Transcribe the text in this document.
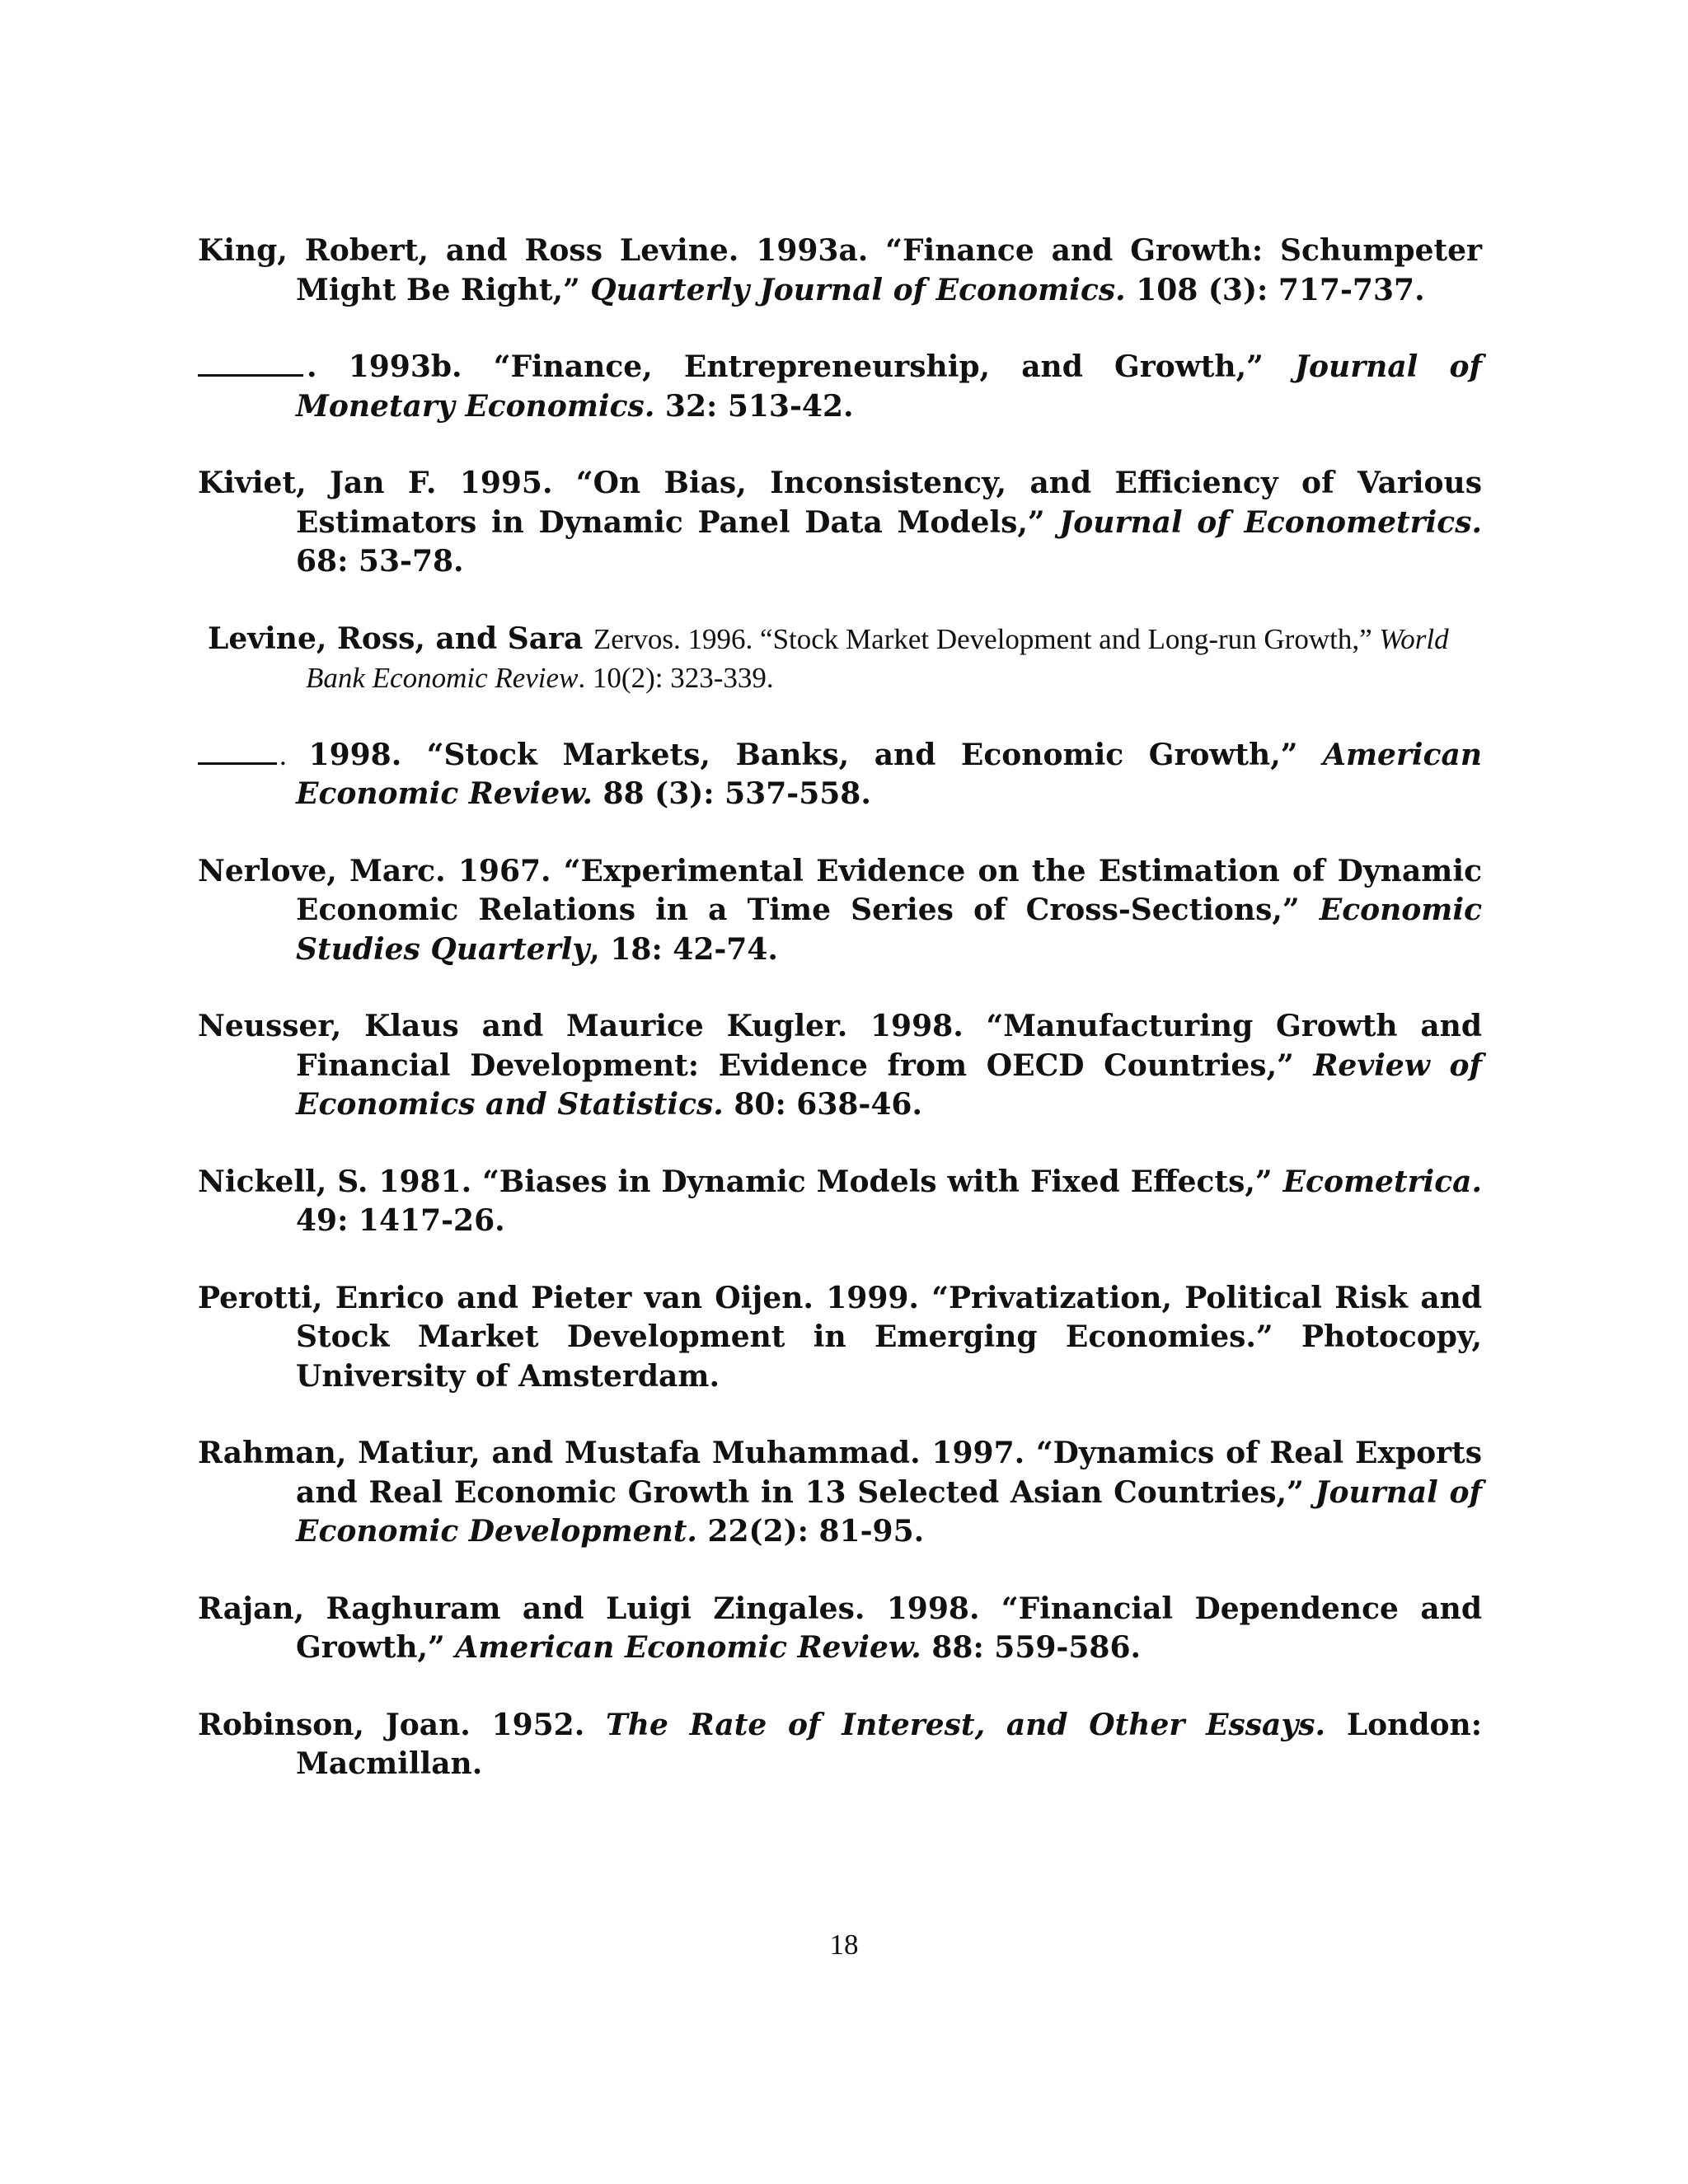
King, Robert, and Ross Levine. 1993a. “Finance and Growth: Schumpeter Might Be Right,” Quarterly Journal of Economics. 108 (3): 717-737.

. 1993b. “Finance, Entrepreneurship, and Growth,” Journal of Monetary Economics. 32: 513-42.

Kiviet, Jan F. 1995. “On Bias, Inconsistency, and Efficiency of Various Estimators in Dynamic Panel Data Models,” Journal of Econometrics. 68: 53-78.

Levine, Ross, and Sara Zervos. 1996. “Stock Market Development and Long-run Growth,” World Bank Economic Review. 10(2): 323-339.

. 1998. “Stock Markets, Banks, and Economic Growth,” American Economic Review. 88 (3): 537-558.

Nerlove, Marc. 1967. “Experimental Evidence on the Estimation of Dynamic Economic Relations in a Time Series of Cross-Sections,” Economic Studies Quarterly, 18: 42-74.

Neusser, Klaus and Maurice Kugler. 1998. “Manufacturing Growth and Financial Development: Evidence from OECD Countries,” Review of Economics and Statistics. 80: 638-46.

Nickell, S. 1981. “Biases in Dynamic Models with Fixed Effects,” Ecometrica. 49: 1417-26.

Perotti, Enrico and Pieter van Oijen. 1999. “Privatization, Political Risk and Stock Market Development in Emerging Economies.” Photocopy, University of Amsterdam.

Rahman, Matiur, and Mustafa Muhammad. 1997. “Dynamics of Real Exports and Real Economic Growth in 13 Selected Asian Countries,” Journal of Economic Development. 22(2): 81-95.

Rajan, Raghuram and Luigi Zingales. 1998. “Financial Dependence and Growth,” American Economic Review. 88: 559-586.

Robinson, Joan. 1952. The Rate of Interest, and Other Essays. London: Macmillan.

18
